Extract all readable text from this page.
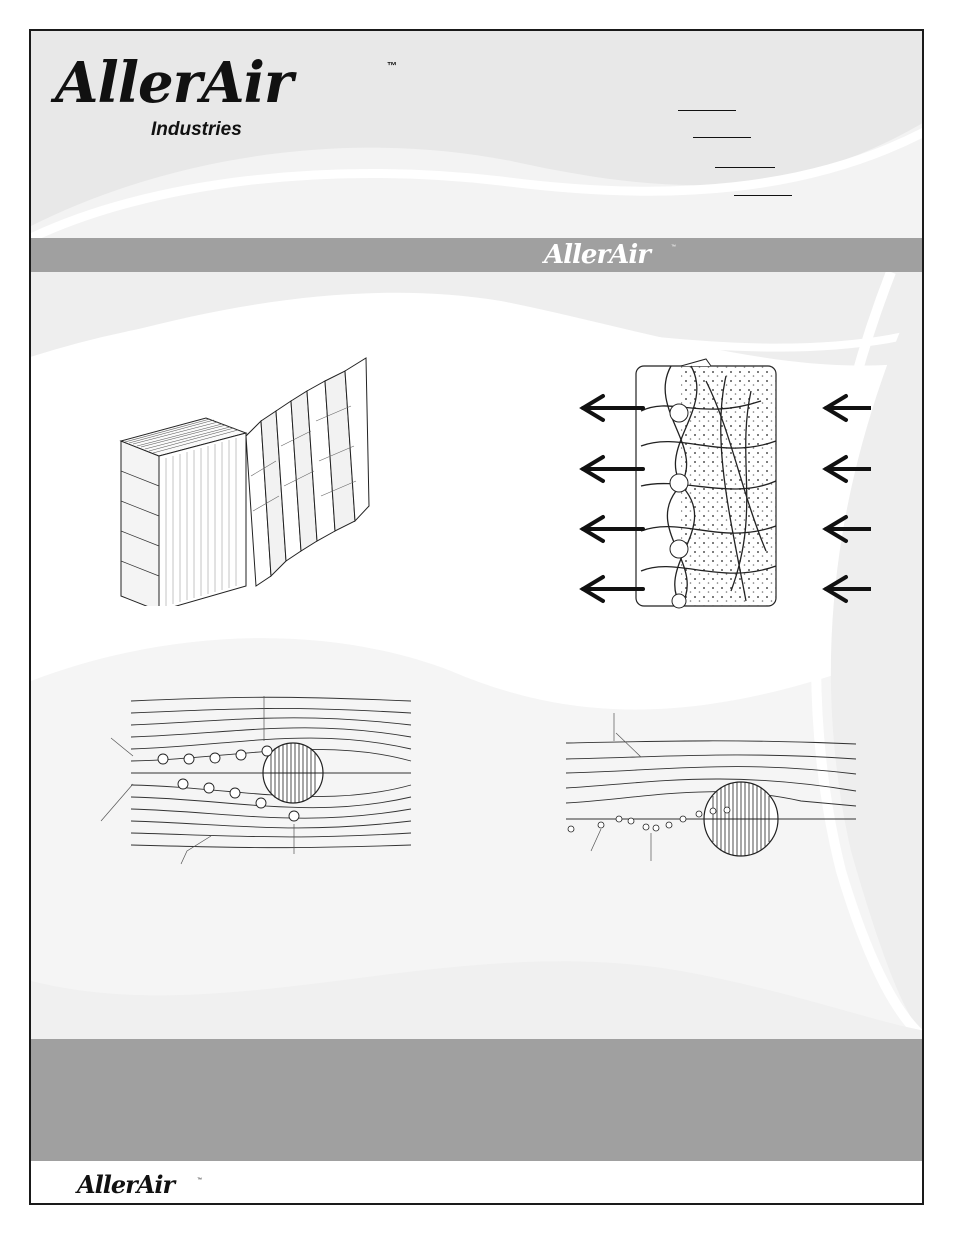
AllerAir	™
Industries
AllerAir	™
AllerAir	™
